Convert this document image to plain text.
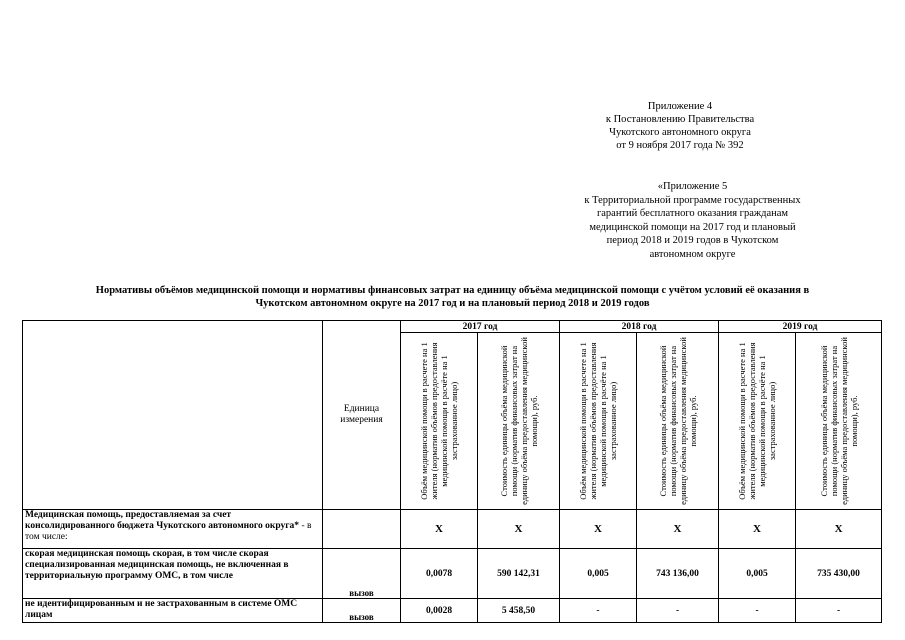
Приложение 4
к Постановлению Правительства
Чукотского автономного округа
от 9 ноября 2017 года № 392
«Приложение 5
к Территориальной программе государственных
гарантий бесплатного оказания гражданам
медицинской помощи на 2017 год и плановый
период 2018 и 2019 годов в Чукотском
автономном округе
Нормативы объёмов медицинской помощи и нормативы финансовых затрат на единицу объёма медицинской помощи с учётом условий её оказания в
Чукотском автономном округе на 2017 год и на плановый период 2018 и 2019 годов
	Единица измерения	2017 год		2018 год		2019 год	

		Объём медицинской помощи в расчете на 1 жителя (норматив объёмов предоставления медицинской помощи в расчёте на 1 застрахованное лицо)	Стоимость единицы объёма медицинской помощи (норматив финансовых затрат на единицу объёма предоставления медицинской помощи), руб.	Объём медицинской помощи в расчете на 1 жителя (норматив объёмов предоставления медицинской помощи в расчёте на 1 застрахованное лицо)	Стоимость единицы объёма медицинской помощи (норматив финансовых затрат на единицу объёма предоставления медицинской помощи), руб.	Объём медицинской помощи в расчете на 1 жителя (норматив объёмов предоставления медицинской помощи в расчёте на 1 застрахованное лицо)	Стоимость единицы объёма медицинской помощи (норматив финансовых затрат на единицу объёма предоставления медицинской помощи), руб.

Медицинская помощь, предоставляемая за счет консолидированного бюджета Чукотского автономного округа* - в том числе:		X	X	X	X	X	X
скорая медицинская помощь скорая, в том числе скорая специализированная медицинская помощь, не включенная в территориальную программу ОМС, в том числе	вызов	0,0078	590 142,31	0,005	743 136,00	0,005	735 430,00
не идентифицированным и не застрахованным в системе ОМС лицам	вызов	0,0028	5 458,50	-	-	-	-
